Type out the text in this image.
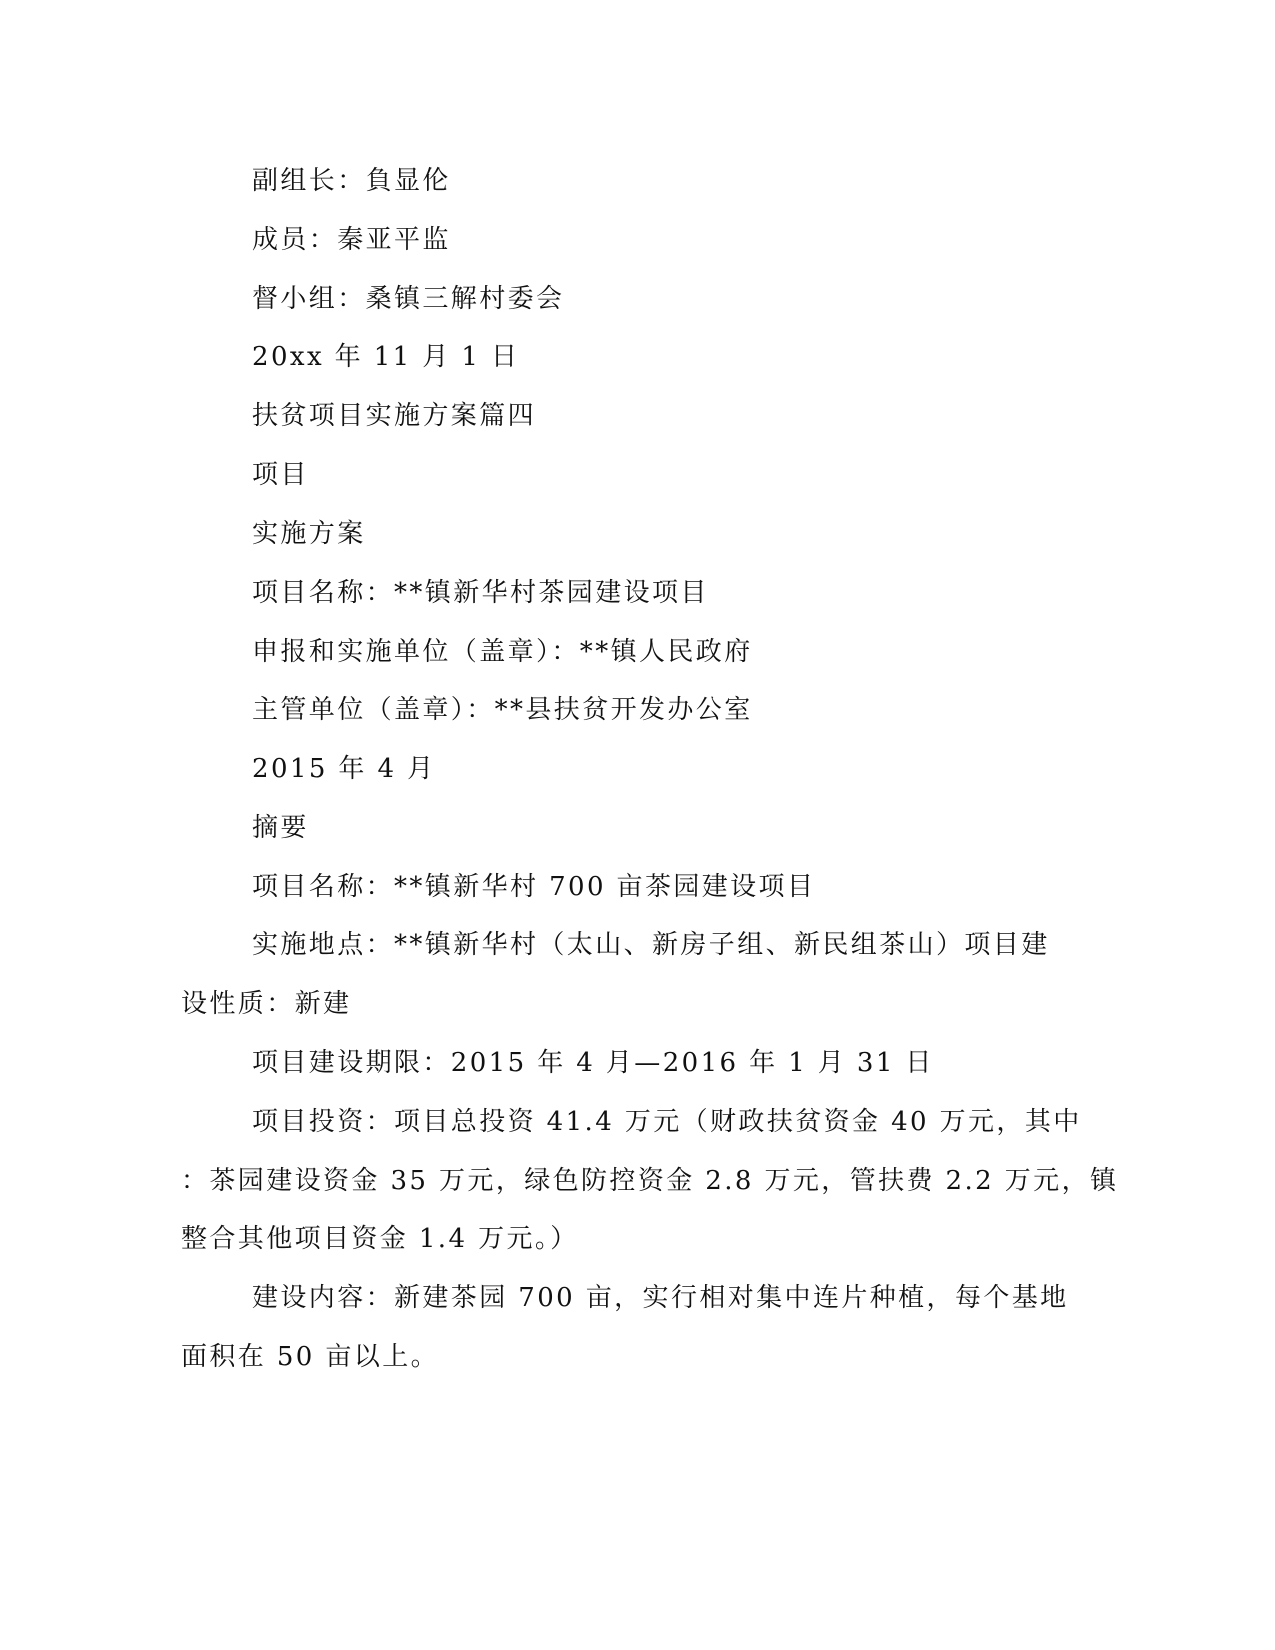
副组长：負显伦
成员：秦亚平监
督小组：桑镇三解村委会
20xx 年 11 月 1 日
扶贫项目实施方案篇四
项目
实施方案
项目名称：**镇新华村茶园建设项目
申报和实施单位（盖章）：**镇人民政府
主管单位（盖章）：**县扶贫开发办公室
2015 年 4 月
摘要
项目名称：**镇新华村 700 亩茶园建设项目
实施地点：**镇新华村（太山、新房子组、新民组茶山）项目建
设性质：新建
项目建设期限：2015 年 4 月—2016 年 1 月 31 日
项目投资：项目总投资 41.4 万元（财政扶贫资金 40 万元，其中
：茶园建设资金 35 万元，绿色防控资金 2.8 万元，管扶费 2.2 万元，镇
整合其他项目资金 1.4 万元。）
建设内容：新建茶园 700 亩，实行相对集中连片种植，每个基地
面积在 50 亩以上。
